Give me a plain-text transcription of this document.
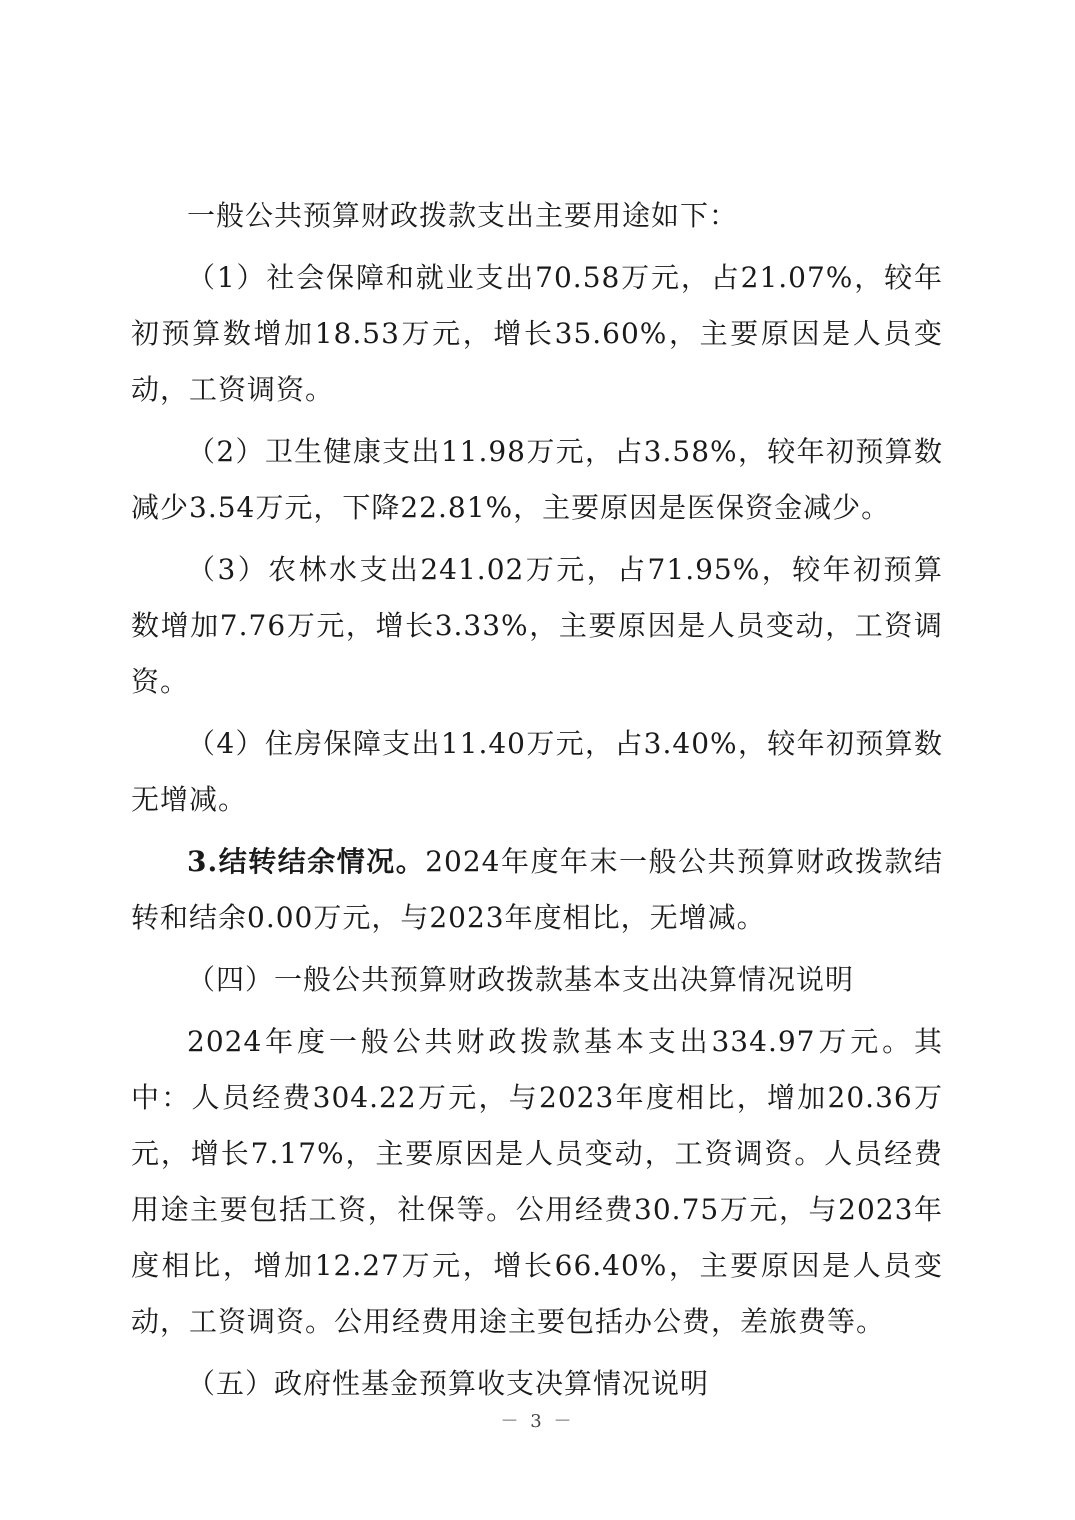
一般公共预算财政拨款支出主要用途如下：

（1）社会保障和就业支出70.58万元，占21.07%，较年初预算数增加18.53万元，增长35.60%，主要原因是人员变动，工资调资。

（2）卫生健康支出11.98万元，占3.58%，较年初预算数减少3.54万元，下降22.81%，主要原因是医保资金减少。

（3）农林水支出241.02万元，占71.95%，较年初预算数增加7.76万元，增长3.33%，主要原因是人员变动，工资调资。

（4）住房保障支出11.40万元，占3.40%，较年初预算数无增减。

3.结转结余情况。2024年度年末一般公共预算财政拨款结转和结余0.00万元，与2023年度相比，无增减。

（四）一般公共预算财政拨款基本支出决算情况说明

2024年度一般公共财政拨款基本支出334.97万元。其中：人员经费304.22万元，与2023年度相比，增加20.36万元，增长7.17%，主要原因是人员变动，工资调资。人员经费用途主要包括工资，社保等。公用经费30.75万元，与2023年度相比，增加12.27万元，增长66.40%，主要原因是人员变动，工资调资。公用经费用途主要包括办公费，差旅费等。

（五）政府性基金预算收支决算情况说明

－ 3 －
